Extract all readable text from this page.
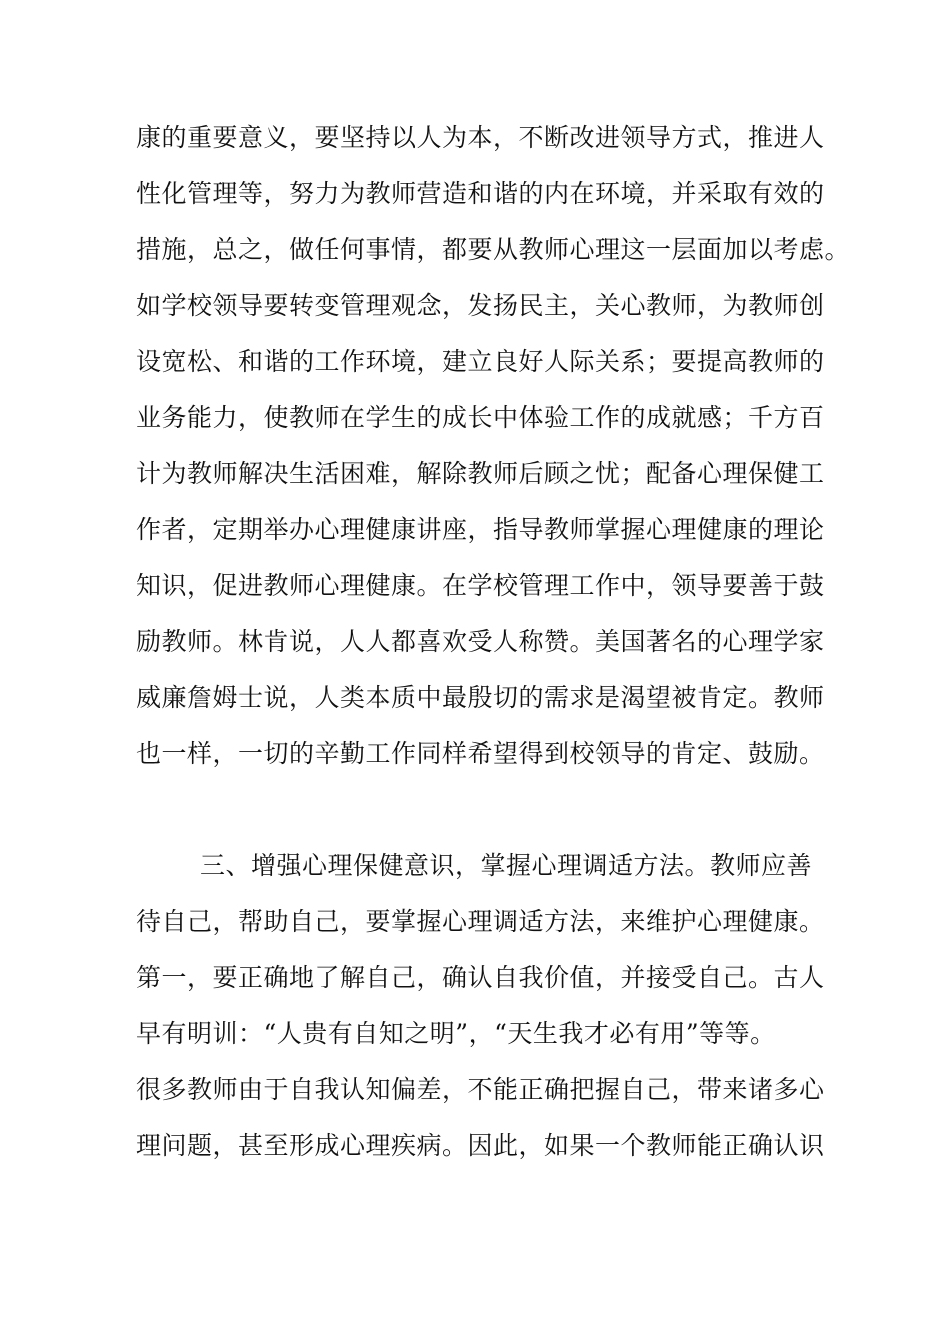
康的重要意义，要坚持以人为本，不断改进领导方式，推进人
性化管理等，努力为教师营造和谐的内在环境，并采取有效的
措施，总之，做任何事情，都要从教师心理这一层面加以考虑。
如学校领导要转变管理观念，发扬民主，关心教师，为教师创
设宽松、和谐的工作环境，建立良好人际关系；要提高教师的
业务能力，使教师在学生的成长中体验工作的成就感；千方百
计为教师解决生活困难，解除教师后顾之忧；配备心理保健工
作者，定期举办心理健康讲座，指导教师掌握心理健康的理论
知识，促进教师心理健康。在学校管理工作中，领导要善于鼓
励教师。林肯说，人人都喜欢受人称赞。美国著名的心理学家
威廉詹姆士说，人类本质中最殷切的需求是渴望被肯定。教师
也一样，一切的辛勤工作同样希望得到校领导的肯定、鼓励。
三、增强心理保健意识，掌握心理调适方法。教师应善
待自己，帮助自己，要掌握心理调适方法，来维护心理健康。
第一，要正确地了解自己，确认自我价值，并接受自己。古人
早有明训：“人贵有自知之明”，“天生我才必有用”等等。
很多教师由于自我认知偏差，不能正确把握自己，带来诸多心
理问题，甚至形成心理疾病。因此，如果一个教师能正确认识
